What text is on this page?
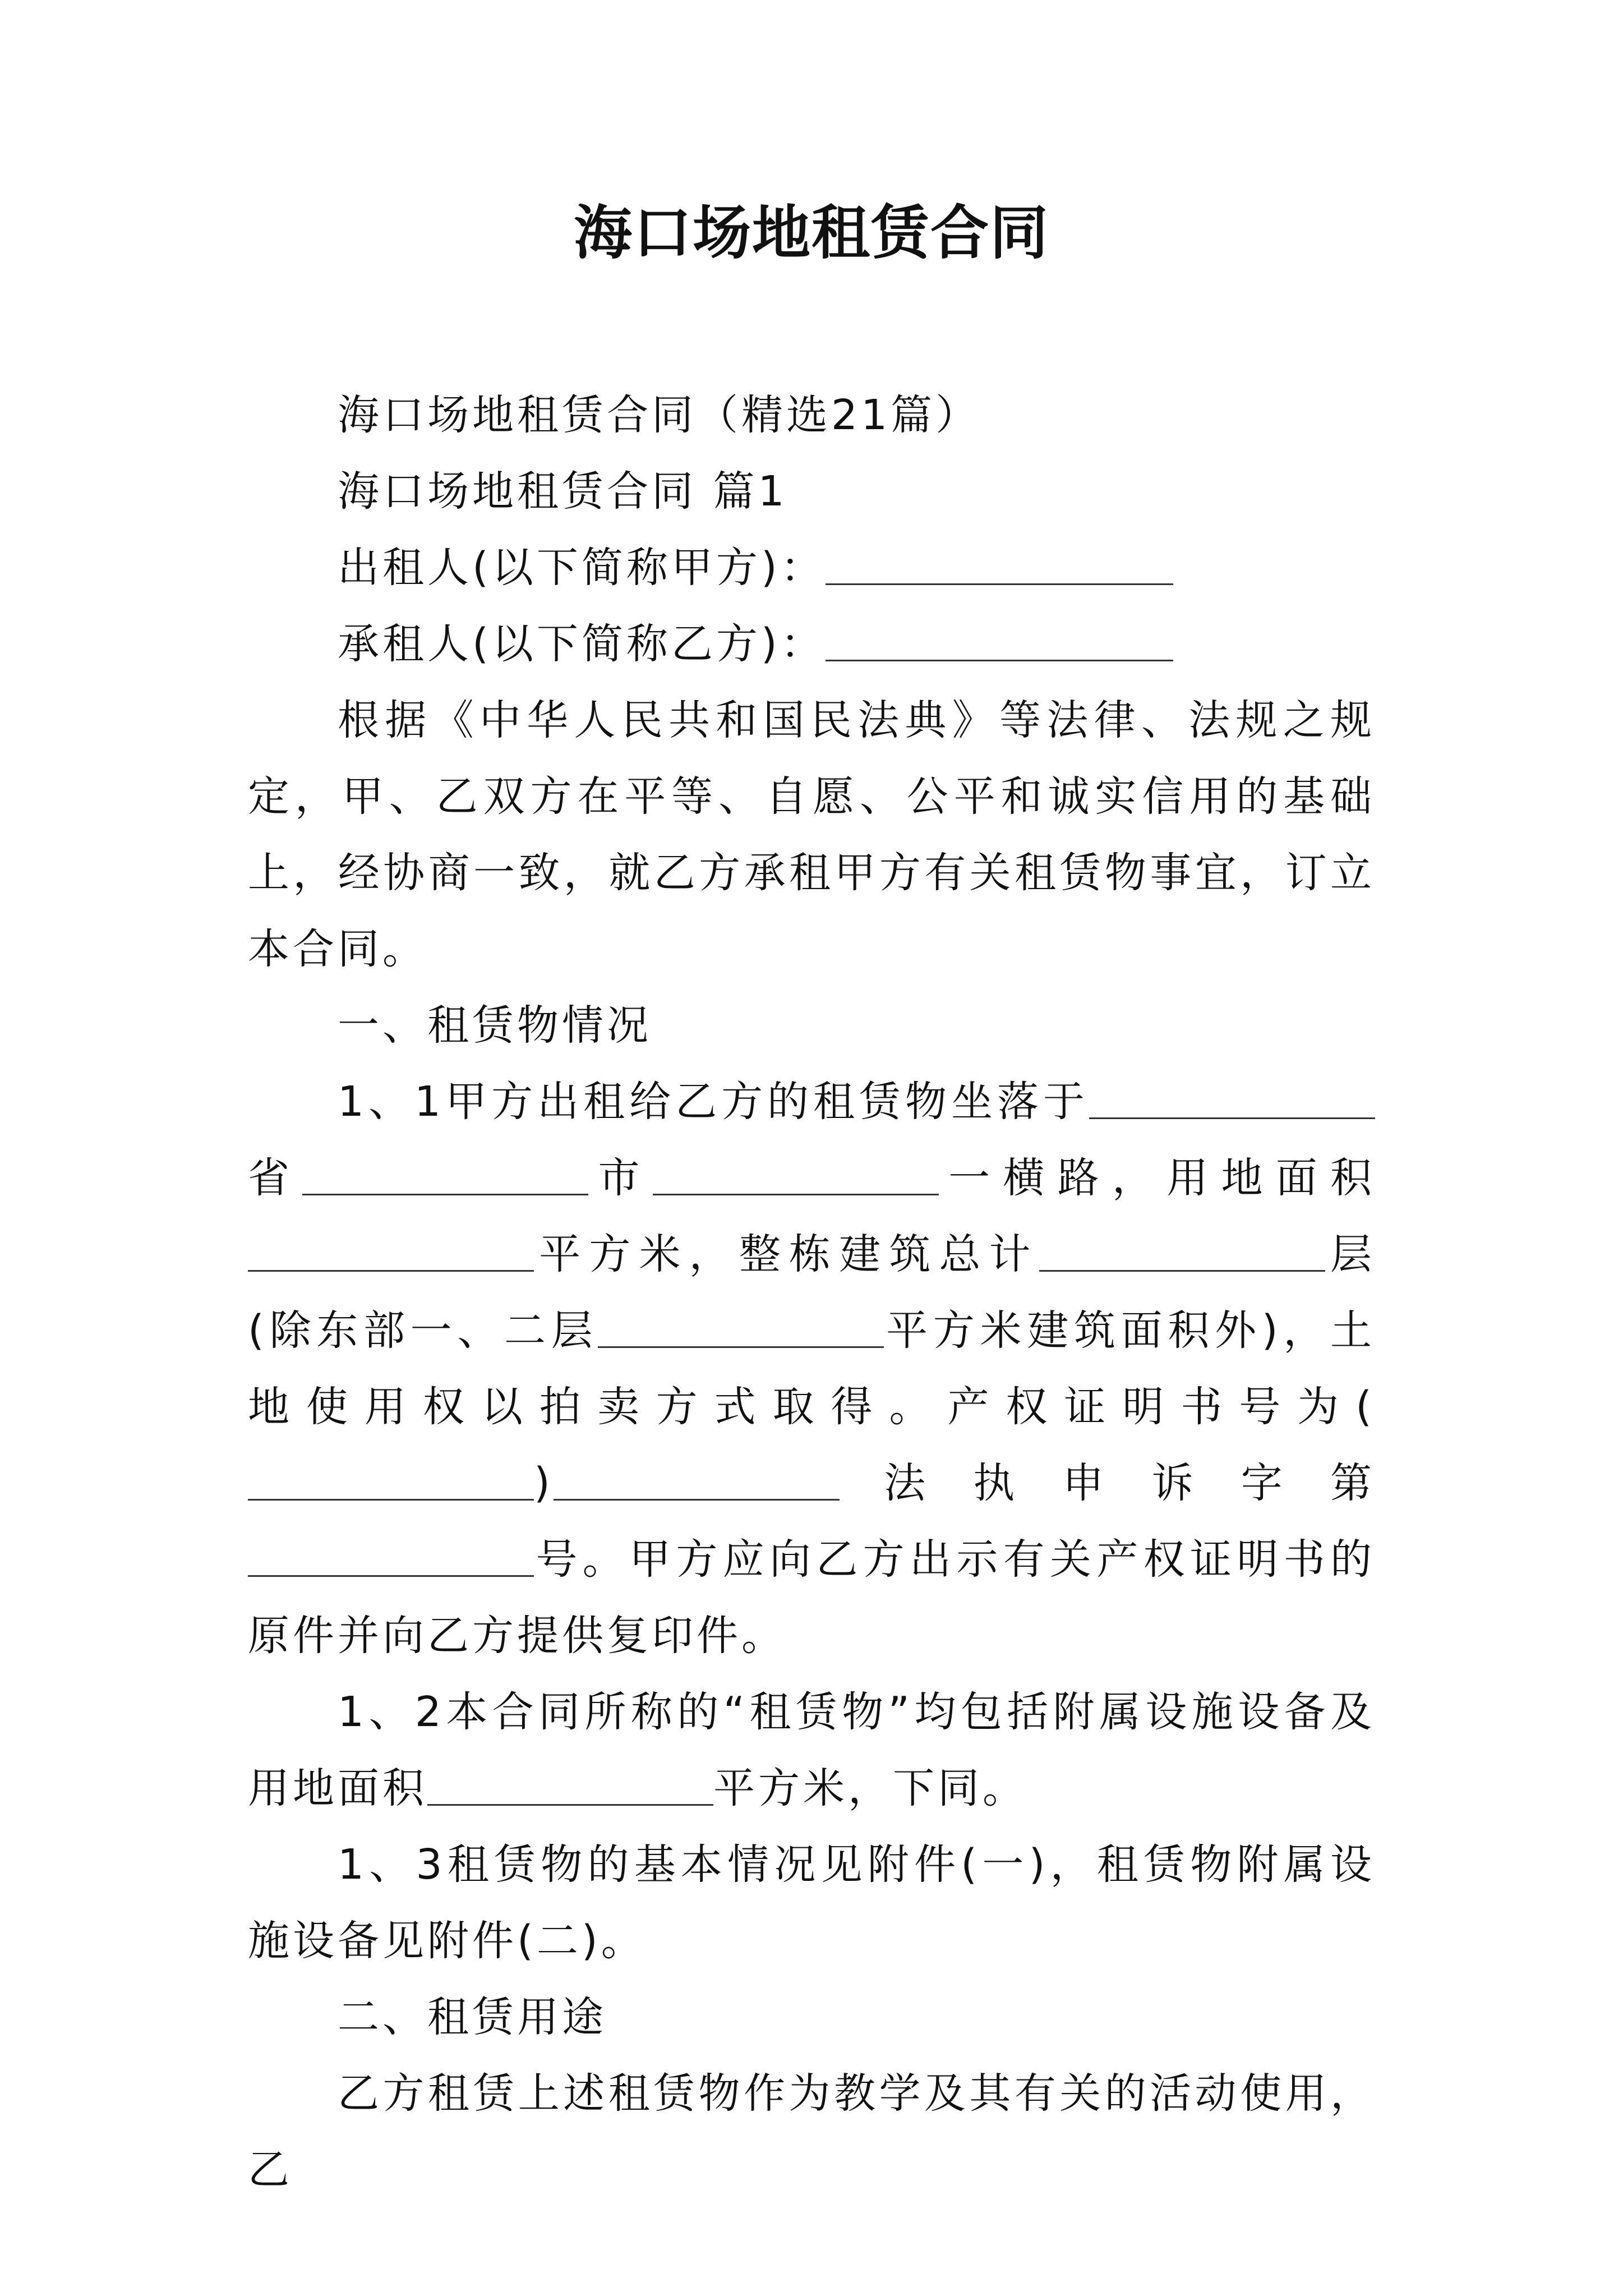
海口场地租赁合同

海口场地租赁合同（精选21篇）

海口场地租赁合同 篇1

出租人(以下简称甲方)：

承租人(以下简称乙方)：

根据《中华人民共和国民法典》等法律、法规之规定，甲、乙双方在平等、自愿、公平和诚实信用的基础上，经协商一致，就乙方承租甲方有关租赁物事宜，订立本合同。

一、租赁物情况

1、1甲方出租给乙方的租赁物坐落于省	市	一横路，用地面积平方米，整栋建筑总计	层(除东部一、二层	平方米建筑面积外)，土地使用权以拍卖方式取得。产权证明书号为()	法执申诉字第号。甲方应向乙方出示有关产权证明书的原件并向乙方提供复印件。

1、2本合同所称的“租赁物”均包括附属设施设备及用地面积	平方米，下同。

1、3租赁物的基本情况见附件(一)，租赁物附属设施设备见附件(二)。

二、租赁用途

乙方租赁上述租赁物作为教学及其有关的活动使用，乙
